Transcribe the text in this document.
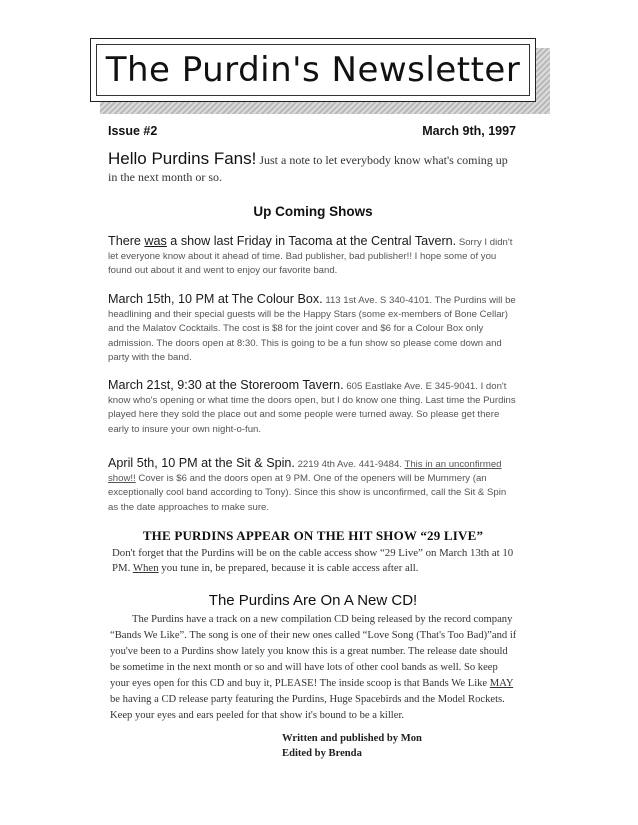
The Purdin's Newsletter
Issue #2	March 9th, 1997
Hello Purdins Fans! Just a note to let everybody know what's coming up in the next month or so.
Up Coming Shows
There was a show last Friday in Tacoma at the Central Tavern. Sorry I didn't let everyone know about it ahead of time. Bad publisher, bad publisher!! I hope some of you found out about it and went to enjoy our favorite band.
March 15th, 10 PM at The Colour Box. 113 1st Ave. S 340-4101. The Purdins will be headlining and their special guests will be the Happy Stars (some ex-members of Bone Cellar) and the Malatov Cocktails. The cost is $8 for the joint cover and $6 for a Colour Box only admission. The doors open at 8:30. This is going to be a fun show so please come down and party with the band.
March 21st, 9:30 at the Storeroom Tavern. 605 Eastlake Ave. E 345-9041. I don't know who's opening or what time the doors open, but I do know one thing. Last time the Purdins played here they sold the place out and some people were turned away. So please get there early to insure your own night-o-fun.
April 5th, 10 PM at the Sit & Spin. 2219 4th Ave. 441-9484. This in an unconfirmed show!! Cover is $6 and the doors open at 9 PM. One of the openers will be Mummery (an exceptionally cool band according to Tony). Since this show is unconfirmed, call the Sit & Spin as the date approaches to make sure.
THE PURDINS APPEAR ON THE HIT SHOW “29 LIVE”
Don't forget that the Purdins will be on the cable access show “29 Live” on March 13th at 10 PM. When you tune in, be prepared, because it is cable access after all.
The Purdins Are On A New CD!
The Purdins have a track on a new compilation CD being released by the record company “Bands We Like”. The song is one of their new ones called “Love Song (That's Too Bad)”and if you've been to a Purdins show lately you know this is a great number. The release date should be sometime in the next month or so and will have lots of other cool bands as well. So keep your eyes open for this CD and buy it, PLEASE! The inside scoop is that Bands We Like MAY be having a CD release party featuring the Purdins, Huge Spacebirds and the Model Rockets. Keep your eyes and ears peeled for that show it's bound to be a killer.
Written and published by Mon
Edited by Brenda
